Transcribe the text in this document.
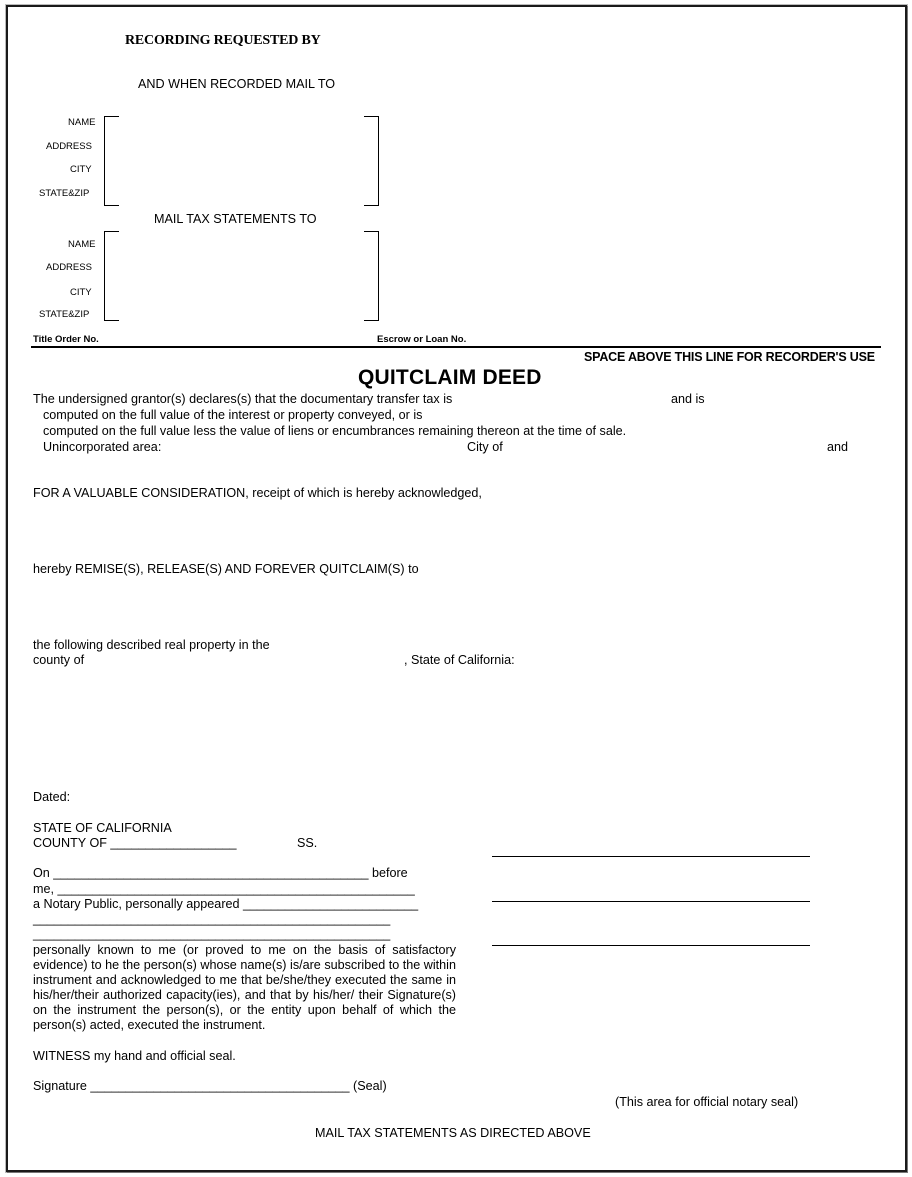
RECORDING REQUESTED BY
AND WHEN RECORDED MAIL TO
NAME
ADDRESS
CITY
STATE&ZIP
MAIL TAX STATEMENTS TO
NAME
ADDRESS
CITY
STATE&ZIP
Title Order No.	Escrow or Loan No.
SPACE ABOVE THIS LINE FOR RECORDER'S USE
QUITCLAIM DEED
The undersigned grantor(s) declares(s) that the documentary transfer tax is	and is
computed on the full value of the interest or property conveyed, or is
computed on the full value less the value of liens or encumbrances remaining thereon at the time of sale.
Unincorporated area:	City of	and
FOR A VALUABLE CONSIDERATION, receipt of which is hereby acknowledged,
hereby REMISE(S), RELEASE(S) AND FOREVER QUITCLAIM(S) to
the following described real property in the
county of	, State of California:
Dated:
STATE OF CALIFORNIA
COUNTY OF __________________	SS.
On _____________________________________________ before
me, ___________________________________________________
a Notary Public, personally appeared _________________________
___________________________________________________
___________________________________________________
personally known to me (or proved to me on the basis of satisfactory evidence) to he the person(s) whose name(s) is/are subscribed to the within instrument and acknowledged to me that be/she/they executed the same in his/her/their authorized capacity(ies), and that by his/her/ their Signature(s) on the instrument the person(s), or the entity upon behalf of which the person(s) acted, executed the instrument.
WITNESS my hand and official seal.
Signature _____________________________________ (Seal)
(This area for official notary seal)
MAIL TAX STATEMENTS AS DIRECTED ABOVE
